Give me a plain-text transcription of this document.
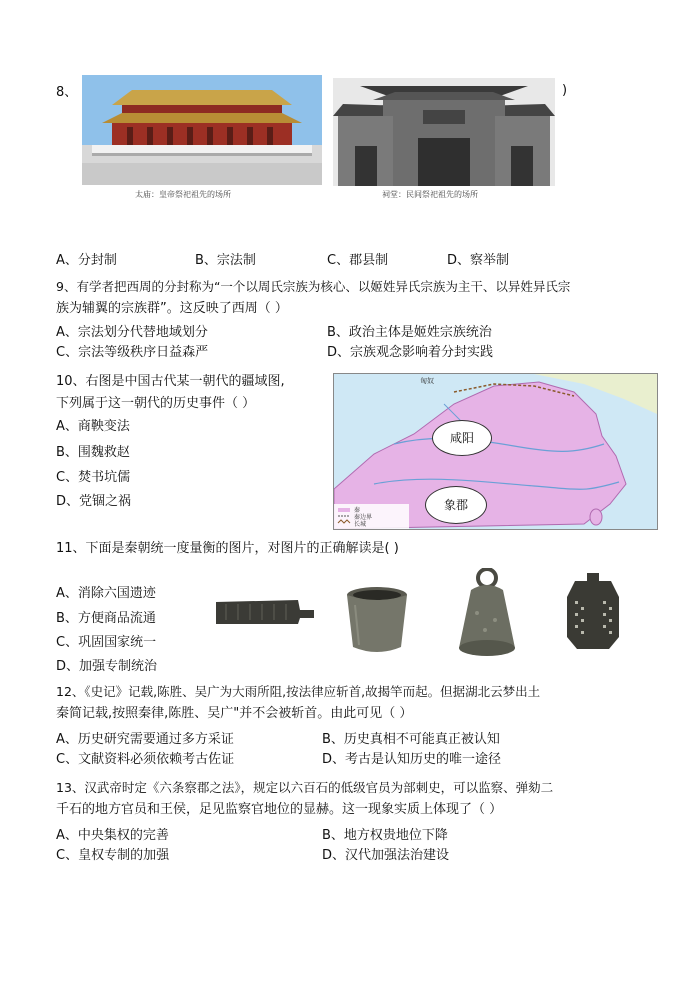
8、	)
太庙：皇帝祭祀祖先的场所	祠堂：民间祭祀祖先的场所
A、分封制	B、宗法制	C、郡县制	D、察举制
9、有学者把西周的分封称为“一个以周氏宗族为核心、以姬姓异氏宗族为主干、以异姓异氏宗
族为辅翼的宗族群”。这反映了西周（ ）
A、宗法划分代替地域划分	B、政治主体是姬姓宗族统治
C、宗法等级秩序日益森严	D、宗族观念影响着分封实践
10、右图是中国古代某一朝代的疆域图,
下列属于这一朝代的历史事件（ ）
A、商鞅变法
B、围魏救赵
C、焚书坑儒
D、党锢之祸
匈奴
秦
秦边界
长城
咸阳
象郡
11、下面是秦朝统一度量衡的图片，对图片的正确解读是( )
A、消除六国遗迹
B、方便商品流通
C、巩固国家统一
D、加强专制统治
12、《史记》记载,陈胜、吴广为大雨所阻,按法律应斩首,故揭竿而起。但据湖北云梦出土
秦简记载,按照秦律,陈胜、吴广"并不会被斩首。由此可见（ ）
A、历史研究需要通过多方采证	B、历史真相不可能真正被认知
C、文献资料必须依赖考古佐证	D、考古是认知历史的唯一途径
13、汉武帝时定《六条察郡之法》，规定以六百石的低级官员为部刺史，可以监察、弹劾二
千石的地方官员和王侯，足见监察官地位的显赫。这一现象实质上体现了（ ）
A、中央集权的完善	B、地方权贵地位下降
C、皇权专制的加强	D、汉代加强法治建设
